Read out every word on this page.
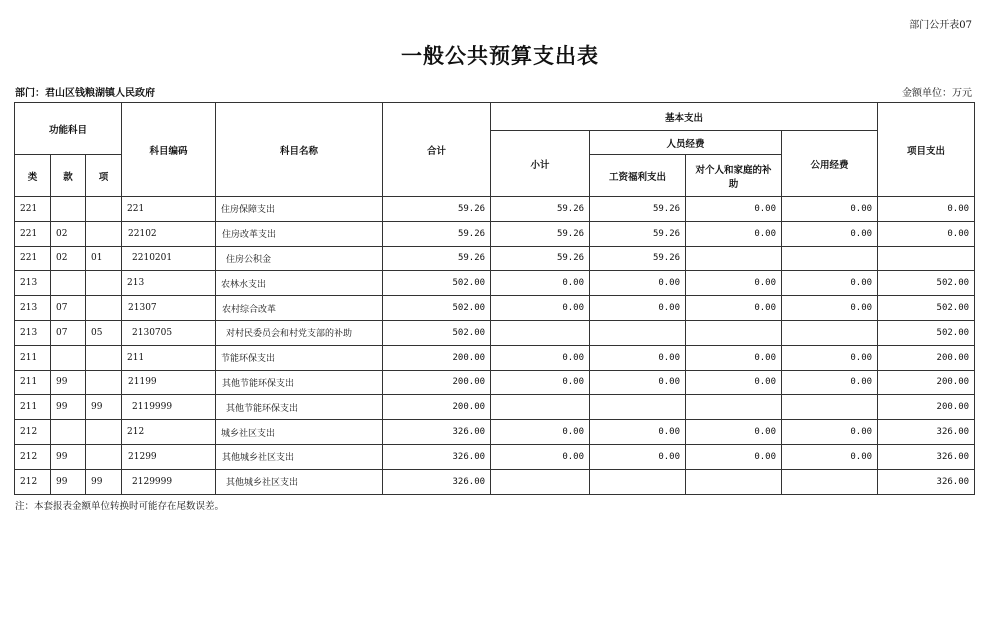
部门公开表07
一般公共预算支出表
部门：君山区钱粮湖镇人民政府	金额单位：万元
功能科目			科目编码	科目名称	合计	基本支出				项目支出
						小计	人员经费		公用经费	
类	款	项					工资福利支出	对个人和家庭的补助		
221			221	住房保障支出	59.26	59.26	59.26	0.00	0.00	0.00
221	02		22102	住房改革支出	59.26	59.26	59.26	0.00	0.00	0.00
221	02	01	2210201	住房公积金	59.26	59.26	59.26			
213			213	农林水支出	502.00	0.00	0.00	0.00	0.00	502.00
213	07		21307	农村综合改革	502.00	0.00	0.00	0.00	0.00	502.00
213	07	05	2130705	对村民委员会和村党支部的补助	502.00					502.00
211			211	节能环保支出	200.00	0.00	0.00	0.00	0.00	200.00
211	99		21199	其他节能环保支出	200.00	0.00	0.00	0.00	0.00	200.00
211	99	99	2119999	其他节能环保支出	200.00					200.00
212			212	城乡社区支出	326.00	0.00	0.00	0.00	0.00	326.00
212	99		21299	其他城乡社区支出	326.00	0.00	0.00	0.00	0.00	326.00
212	99	99	2129999	其他城乡社区支出	326.00					326.00
注：本套报表金额单位转换时可能存在尾数误差。
